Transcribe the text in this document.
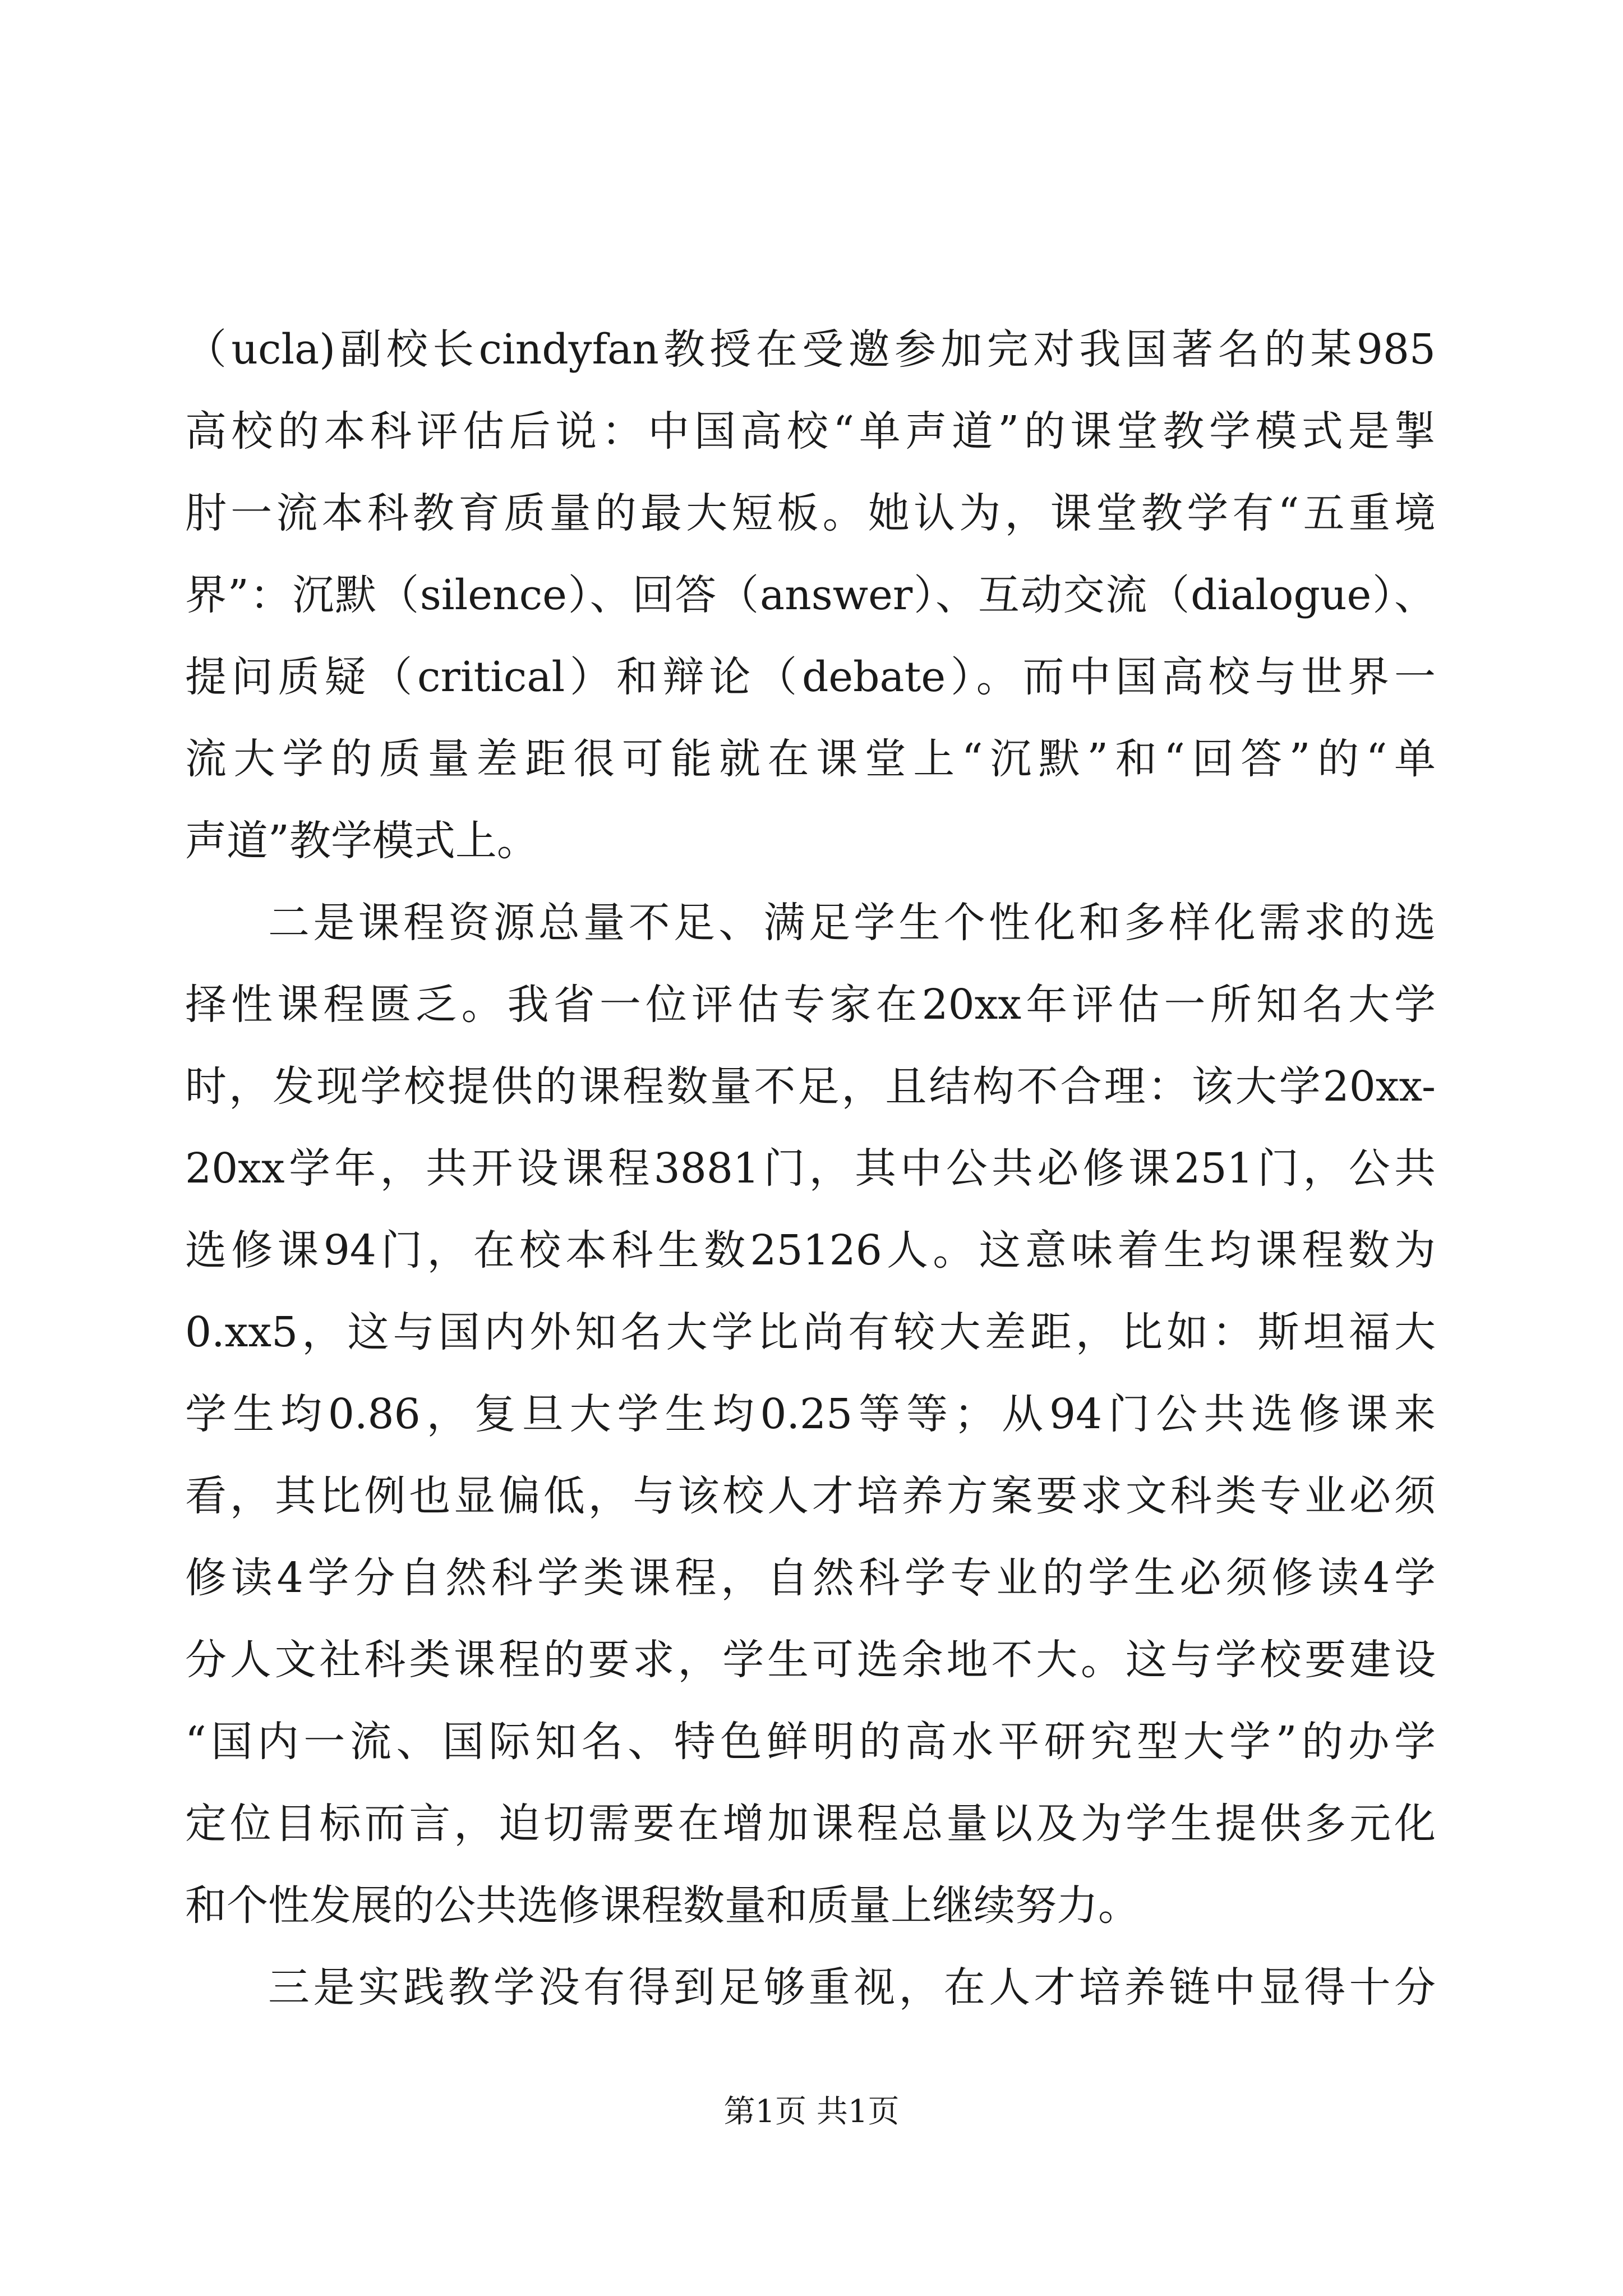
（ucla)副校长cindyfan教授在受邀参加完对我国著名的某985
高校的本科评估后说：中国高校“单声道”的课堂教学模式是掣
肘一流本科教育质量的最大短板。她认为，课堂教学有“五重境
界”：沉默（silence）、回答（answer）、互动交流（dialogue）、
提问质疑（critical）和辩论（debate）。而中国高校与世界一
流大学的质量差距很可能就在课堂上“沉默”和“回答”的“单
声道”教学模式上。
二是课程资源总量不足、满足学生个性化和多样化需求的选
择性课程匮乏。我省一位评估专家在20xx年评估一所知名大学
时，发现学校提供的课程数量不足，且结构不合理：该大学20xx-
20xx学年，共开设课程3881门，其中公共必修课251门，公共
选修课94门，在校本科生数25126人。这意味着生均课程数为
0.xx5，这与国内外知名大学比尚有较大差距，比如：斯坦福大
学生均0.86，复旦大学生均0.25等等；从94门公共选修课来
看，其比例也显偏低，与该校人才培养方案要求文科类专业必须
修读4学分自然科学类课程，自然科学专业的学生必须修读4学
分人文社科类课程的要求，学生可选余地不大。这与学校要建设
“国内一流、国际知名、特色鲜明的高水平研究型大学”的办学
定位目标而言，迫切需要在增加课程总量以及为学生提供多元化
和个性发展的公共选修课程数量和质量上继续努力。
三是实践教学没有得到足够重视，在人才培养链中显得十分
第1页 共1页
